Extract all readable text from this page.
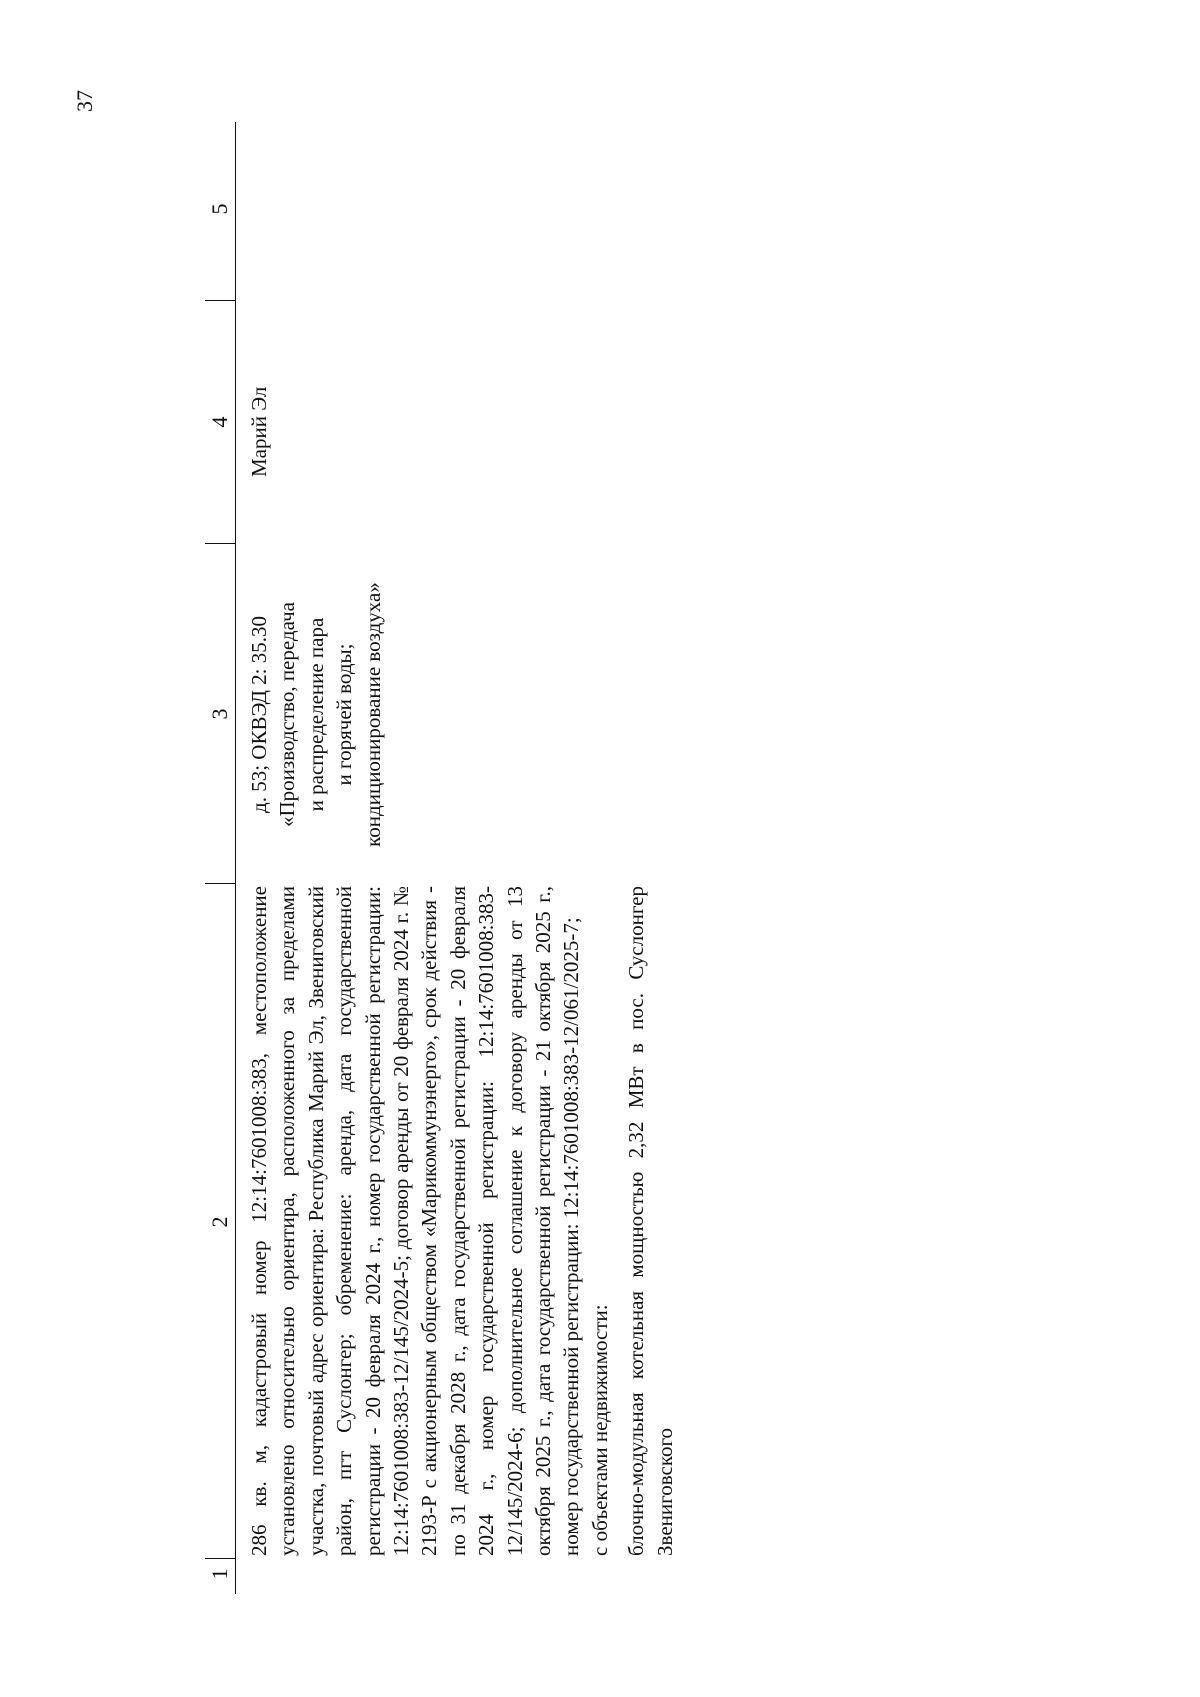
37
1
2
3
4
5

286 кв. м, кадастровый номер 12:14:7601008:383, местоположение установлено относительно ориентира, расположенного за пределами участка, почтовый адрес ориентира: Республика Марий Эл, Звениговский район, пгт Суслонгер; обременение: аренда, дата государственной регистрации - 20 февраля 2024 г., номер государственной регистрации: 12:14:7601008:383-12/145/2024-5; договор аренды от 20 февраля 2024 г. № 2193-Р с акционерным обществом «Марикоммунэнерго», срок действия - по 31 декабря 2028 г., дата государственной регистрации - 20 февраля 2024 г., номер государственной регистрации: 12:14:7601008:383-12/145/2024-6; дополнительное соглашение к договору аренды от 13 октября 2025 г., дата государственной регистрации - 21 октября 2025 г., номер государственной регистрации: 12:14:7601008:383-12/061/2025-7; с объектами недвижимости: блочно-модульная котельная мощностью 2,32 МВт в пос. Суслонгер Звениговского

д. 53; ОКВЭД 2: 35.30 «Производство, передача и распределение пара и горячей воды; кондиционирование воздуха»
Марий Эл
